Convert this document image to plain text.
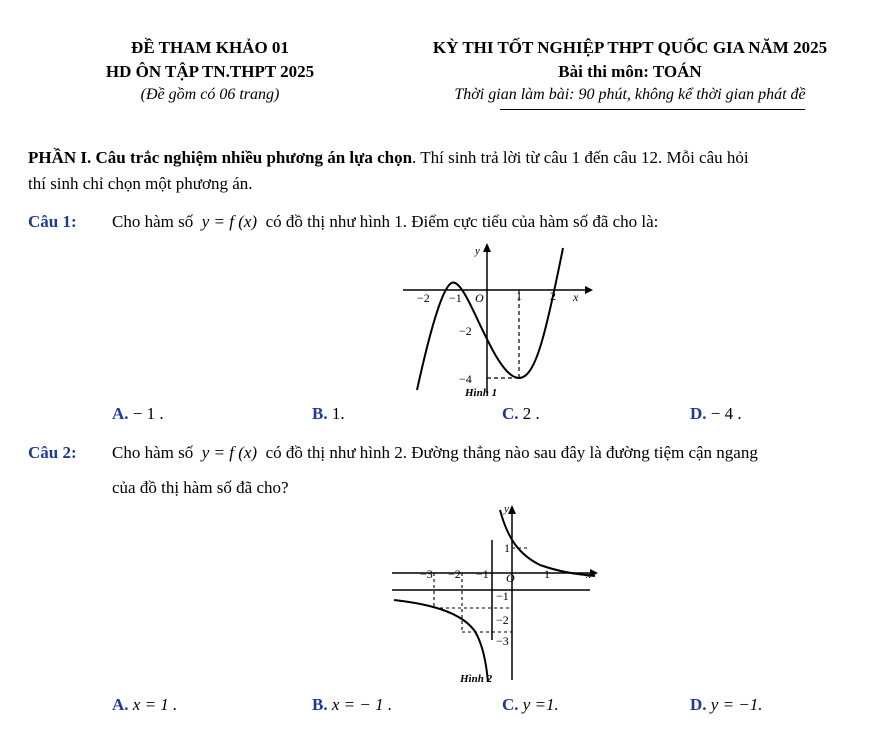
ĐỀ THAM KHẢO 01
HD ÔN TẬP TN.THPT 2025
(Đề gồm có 06 trang)
KỲ THI TỐT NGHIỆP THPT QUỐC GIA NĂM 2025
Bài thi môn: TOÁN
Thời gian làm bài: 90 phút, không kể thời gian phát đề
PHẦN I. Câu trắc nghiệm nhiều phương án lựa chọn. Thí sinh trả lời từ câu 1 đến câu 12. Mỗi câu hỏi
thí sinh chỉ chọn một phương án.
Câu 1: Cho hàm số y = f (x) có đồ thị như hình 1. Điểm cực tiểu của hàm số đã cho là:
y
x
O
−2 −1	1 2
−2
−4
Hình 1
A. − 1 .	B. 1.	C. 2 .	D. − 4 .
Câu 2: Cho hàm số y = f (x) có đồ thị như hình 2. Đường thẳng nào sau đây là đường tiệm cận ngang
của đồ thị hàm số đã cho?
y
x
O
1
−3 −2 −1	1
−1
−2
−3
Hình 2
A. x = 1 .	B. x = − 1 .	C. y =1.	D. y = −1.
